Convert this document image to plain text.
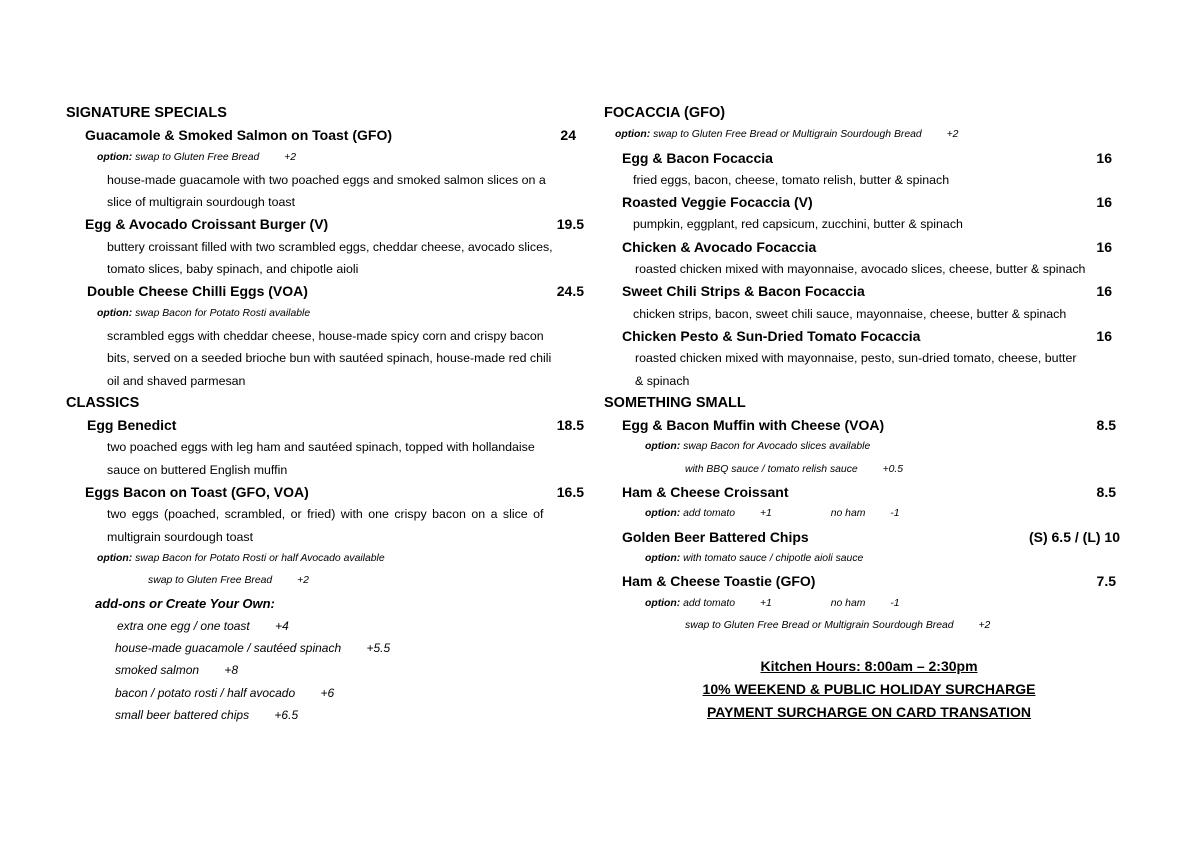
SIGNATURE SPECIALS
Guacamole & Smoked Salmon on Toast (GFO)	24
option: swap to Gluten Free Bread +2
house-made guacamole with two poached eggs and smoked salmon slices on a
slice of multigrain sourdough toast
Egg & Avocado Croissant Burger (V)	19.5
buttery croissant filled with two scrambled eggs, cheddar cheese, avocado slices,
tomato slices, baby spinach, and chipotle aioli
Double Cheese Chilli Eggs (VOA)	24.5
option: swap Bacon for Potato Rosti available
scrambled eggs with cheddar cheese, house-made spicy corn and crispy bacon
bits, served on a seeded brioche bun with sautéed spinach, house-made red chili
oil and shaved parmesan
CLASSICS
Egg Benedict	18.5
two poached eggs with leg ham and sautéed spinach, topped with hollandaise
sauce on buttered English muffin
Eggs Bacon on Toast (GFO, VOA)	16.5
two eggs (poached, scrambled, or fried) with one crispy bacon on a slice of
multigrain sourdough toast
option: swap Bacon for Potato Rosti or half Avocado available
swap to Gluten Free Bread +2
add-ons or Create Your Own:
extra one egg / one toast +4
house-made guacamole / sautéed spinach +5.5
smoked salmon +8
bacon / potato rosti / half avocado +6
small beer battered chips +6.5
FOCACCIA (GFO)
option: swap to Gluten Free Bread or Multigrain Sourdough Bread +2
Egg & Bacon Focaccia	16
fried eggs, bacon, cheese, tomato relish, butter & spinach
Roasted Veggie Focaccia (V)	16
pumpkin, eggplant, red capsicum, zucchini, butter & spinach
Chicken & Avocado Focaccia	16
roasted chicken mixed with mayonnaise, avocado slices, cheese, butter & spinach
Sweet Chili Strips & Bacon Focaccia	16
chicken strips, bacon, sweet chili sauce, mayonnaise, cheese, butter & spinach
Chicken Pesto & Sun-Dried Tomato Focaccia	16
roasted chicken mixed with mayonnaise, pesto, sun-dried tomato, cheese, butter
& spinach
SOMETHING SMALL
Egg & Bacon Muffin with Cheese (VOA)	8.5
option: swap Bacon for Avocado slices available
with BBQ sauce / tomato relish sauce +0.5
Ham & Cheese Croissant	8.5
option: add tomato +1	no ham -1
Golden Beer Battered Chips	(S) 6.5 / (L) 10
option: with tomato sauce / chipotle aioli sauce
Ham & Cheese Toastie (GFO)	7.5
option: add tomato +1	no ham -1
swap to Gluten Free Bread or Multigrain Sourdough Bread +2
Kitchen Hours: 8:00am – 2:30pm
10% WEEKEND & PUBLIC HOLIDAY SURCHARGE
PAYMENT SURCHARGE ON CARD TRANSATION
